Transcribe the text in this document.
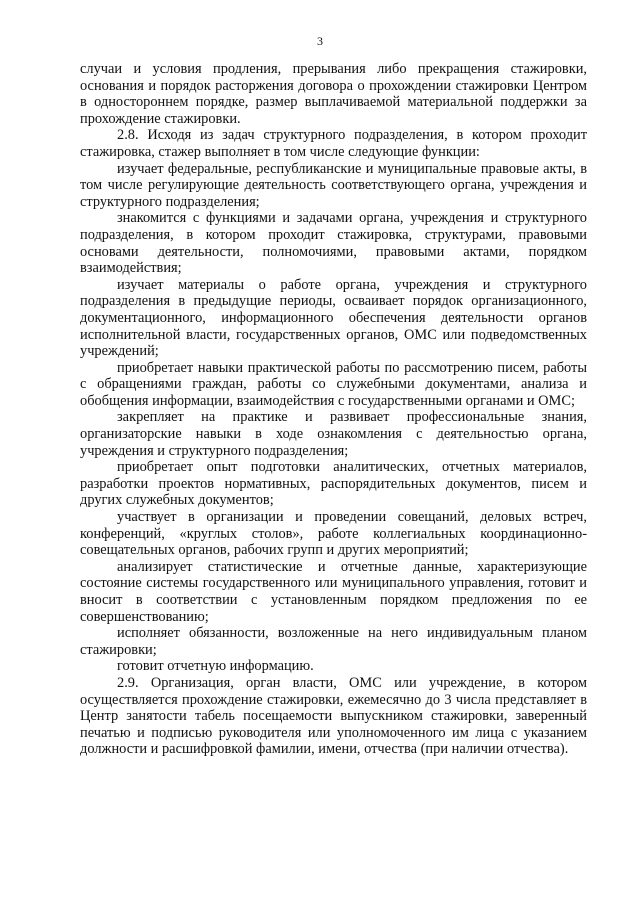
3

случаи и условия продления, прерывания либо прекращения стажировки, основания и порядок расторжения договора о прохождении стажировки Центром в одностороннем порядке, размер выплачиваемой материальной поддержки за прохождение стажировки.

2.8. Исходя из задач структурного подразделения, в котором проходит стажировка, стажер выполняет в том числе следующие функции:

изучает федеральные, республиканские и муниципальные правовые акты, в том числе регулирующие деятельность соответствующего органа, учреждения и структурного подразделения;

знакомится с функциями и задачами органа, учреждения и структурного подразделения, в котором проходит стажировка, структурами, правовыми основами деятельности, полномочиями, правовыми актами, порядком взаимодействия;

изучает материалы о работе органа, учреждения и структурного подразделения в предыдущие периоды, осваивает порядок организационного, документационного, информационного обеспечения деятельности органов исполнительной власти, государственных органов, ОМС или подведомственных учреждений;

приобретает навыки практической работы по рассмотрению писем, работы с обращениями граждан, работы со служебными документами, анализа и обобщения информации, взаимодействия с государственными органами и ОМС;

закрепляет на практике и развивает профессиональные знания, организаторские навыки в ходе ознакомления с деятельностью органа, учреждения и структурного подразделения;

приобретает опыт подготовки аналитических, отчетных материалов, разработки проектов нормативных, распорядительных документов, писем и других служебных документов;

участвует в организации и проведении совещаний, деловых встреч, конференций, «круглых столов», работе коллегиальных координационно-совещательных органов, рабочих групп и других мероприятий;

анализирует статистические и отчетные данные, характеризующие состояние системы государственного или муниципального управления, готовит и вносит в соответствии с установленным порядком предложения по ее совершенствованию;

исполняет обязанности, возложенные на него индивидуальным планом стажировки;

готовит отчетную информацию.

2.9. Организация, орган власти, ОМС или учреждение, в котором осуществляется прохождение стажировки, ежемесячно до 3 числа представляет в Центр занятости табель посещаемости выпускником стажировки, заверенный печатью и подписью руководителя или уполномоченного им лица с указанием должности и расшифровкой фамилии, имени, отчества (при наличии отчества).
